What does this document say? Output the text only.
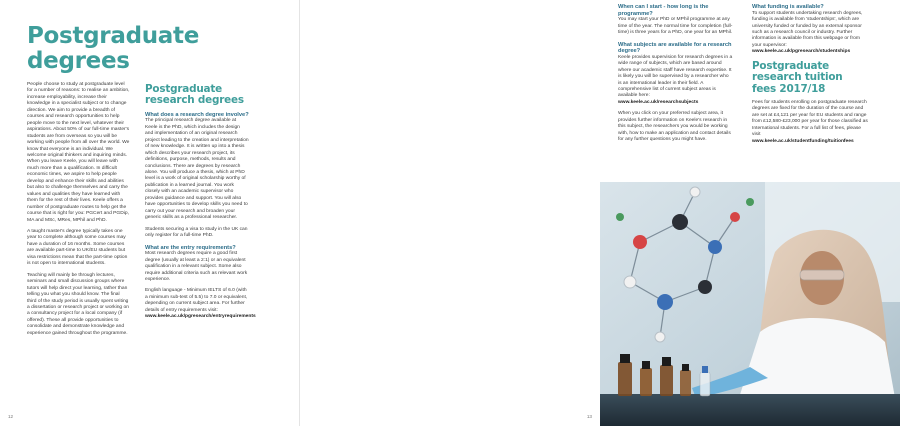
Postgraduate
degrees

People choose to study at postgraduate level for a number of reasons: to realise an ambition, increase employability, increase their knowledge in a specialist subject or to change direction. We aim to provide a breadth of courses and research opportunities to help people move to the next level, whatever their aspirations. About 50% of our full-time master's students are from overseas so you will be working with people from all over the world. We know that everyone is an individual. We welcome original thinkers and inquiring minds. When you leave Keele, you will leave with much more than a qualification. In difficult economic times, we aspire to help people develop and enhance their skills and abilities but also to challenge themselves and carry the values and qualities they have learned with them for the rest of their lives. Keele offers a number of postgraduate routes to help get the course that is right for you: PGCert and PGDip, MA and MSc, MRes, MPhil and PhD.

A taught master's degree typically takes one year to complete although some courses may have a duration of 16 months. Some courses are available part-time to UK/EU students but visa restrictions mean that the part-time option is not open to international students.

Teaching will mainly be through lectures, seminars and small discussion groups where tutors will help direct your learning, rather than telling you what you should know. The final third of the study period is usually spent writing a dissertation or research project or working on a consultancy project for a local company (if offered). These all provide opportunities to consolidate and demonstrate knowledge and experience gained throughout the programme.

Postgraduate
research degrees
What does a research degree involve?

The principal research degree available at Keele is the PhD, which includes the design and implementation of an original research project leading to the creation and interpretation of new knowledge. It is written up into a thesis which describes your research project, its definitions, purpose, methods, results and conclusions. There are degrees by research alone. You will produce a thesis, which at PhD level is a work of original scholarship worthy of publication in a learned journal. You work closely with an academic supervisor who provides guidance and support. You will also have opportunities to develop skills you need to carry out your research and broaden your generic skills as a professional researcher.

Students securing a visa to study in the UK can only register for a full-time PhD.

What are the entry requirements?

Most research degrees require a good first degree (usually at least a 2:1) or an equivalent qualification in a relevant subject. Some also require additional criteria such as relevant work experience.

English language - Minimum IELTS of 6.0 (with a minimum sub-test of 5.5) to 7.0 or equivalent, depending on current subject area. For further details of entry requirements visit:
www.keele.ac.uk/pgresearch/entryrequirements

12
When can I start - how long is the programme?

You may start your PhD or MPhil programme at any time of the year. The normal time for completion (full-time) is three years for a PhD, one year for an MPhil.

What subjects are available for a research degree?

Keele provides supervision for research degrees in a wide range of subjects, which are based around where our academic staff have research expertise. It is likely you will be supervised by a researcher who is an international leader in their field. A comprehensive list of current subject areas is available here:
www.keele.ac.uk/researchsubjects

When you click on your preferred subject area, it provides further information on Keele's research in this subject, the researchers you would be working with, how to make an application and contact details for any further questions you might have.

What funding is available?

To support students undertaking research degrees, funding is available from 'studentships', which are university funded or funded by an external sponsor such as a research council or industry. Further information is available from this webpage or from your supervisor:
www.keele.ac.uk/pgresearch/studentships

Postgraduate
research tuition
fees 2017/18

Fees for students enrolling on postgraduate research degrees are fixed for the duration of the course and are set at £4,121 per year for EU students and range from £12,580-£23,000 per year for those classified as International students. For a full list of fees, please visit
www.keele.ac.uk/studentfunding/tuitionfees

13
